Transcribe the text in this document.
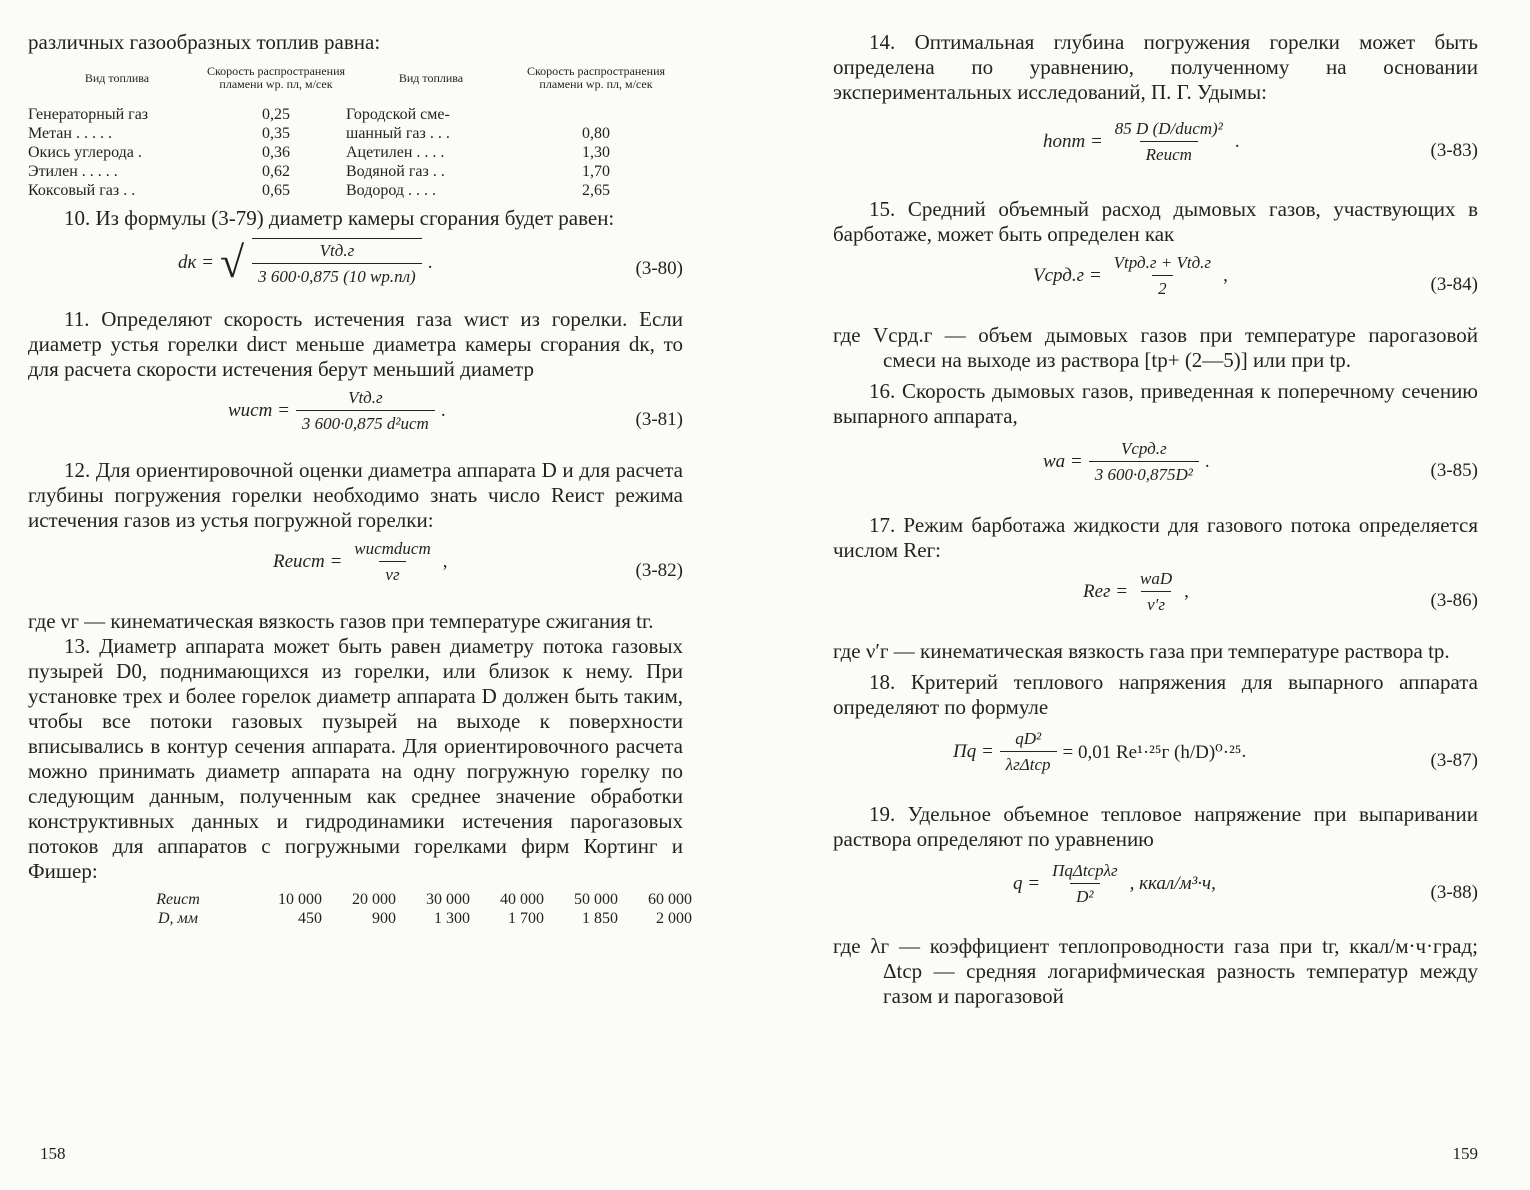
различных газообразных топлив равна:

Вид топлива	Скорость распространения пламени wр. пл, м/сек	Вид топлива	Скорость распространения пламени wр. пл, м/сек
Генераторный газ	0,25	Городской сме-
Метан . . . . .	0,35	шанный газ . . .	0,80
Окись углерода .	0,36	Ацетилен . . . .	1,30
Этилен . . . . .	0,62	Водяной газ . .	1,70
Коксовый газ . .	0,65	Водород . . . .	2,65

10. Из формулы (3-79) диаметр камеры сгорания будет равен:

dк = √ $\frac{\text{Vtд.г}}{3 600\cdot 0,875 (10 wр.пл)}$ .	(3-80)

11. Определяют скорость истечения газа wист из горелки. Если диаметр устья горелки dист меньше диаметра камеры сгорания dк, то для расчета скорости истечения берут меньший диаметр

wист = $\frac{\text{Vtд.г}}{\text{3 600·0,875 d²ист}}$ .	(3-81)

12. Для ориентировочной оценки диаметра аппарата D и для расчета глубины погружения горелки необходимо знать число Reист режима истечения газов из устья погружной горелки:

Reист = $\frac{\text{wистdист}}{\nu г}$ ,	(3-82)

где νг — кинематическая вязкость газов при температуре сжигания tг.

13. Диаметр аппарата может быть равен диаметру потока газовых пузырей D0, поднимающихся из горелки, или близок к нему. При установке трех и более горелок диаметр аппарата D должен быть таким, чтобы все потоки газовых пузырей на выходе к поверхности вписывались в контур сечения аппарата. Для ориентировочного расчета можно принимать диаметр аппарата на одну погружную горелку по следующим данным, полученным как среднее значение обработки конструктивных данных и гидродинамики истечения парогазовых потоков для аппаратов с погружными горелками фирм Кортинг и Фишер:

Reист	10 000	20 000	30 000	40 000	50 000	60 000
D, мм	450	900	1 300	1 700	1 850	2 000
158

14. Оптимальная глубина погружения горелки может быть определена по уравнению, полученному на основании экспериментальных исследований, П. Г. Удымы:

hопт = $\frac{\text{85 D (D/dист)²}}{\text{Reист}}$ .	(3-83)

15. Средний объемный расход дымовых газов, участвующих в барботаже, может быть определен как

Vсрд.г = $\frac{\text{Vtрд.г + Vtд.г}}{2}$ ,	(3-84)

где Vсрд.г — объем дымовых газов при температуре парогазовой смеси на выходе из раствора [tр+ (2—5)] или при tр.

16. Скорость дымовых газов, приведенная к поперечному сечению выпарного аппарата,

wа = $\frac{\text{Vсрд.г}}{\text{3 600·0,875D²}}$ .	(3-85)

17. Режим барботажа жидкости для газового потока определяется числом Reг:

Reг = $\frac{\text{wаD}}{\nu'г}$ ,	(3-86)

где ν′г — кинематическая вязкость газа при температуре раствора tр.

18. Критерий теплового напряжения для выпарного аппарата определяют по формуле

Пq = $\frac{\text{qD²}}{\text{λгΔtср}} = 0,01$ Re¹·²⁵г (h/D)⁰·²⁵ .	(3-87)

19. Удельное объемное тепловое напряжение при выпаривании раствора определяют по уравнению

$q = \frac{\text{ПqΔtсрλг}}{\text{D²}}$ , ккал/м³·ч,	(3-88)

где λг — коэффициент теплопроводности газа при tг, ккал/м·ч·град; Δtср — средняя логарифмическая разность температур между газом и парогазовой

159
